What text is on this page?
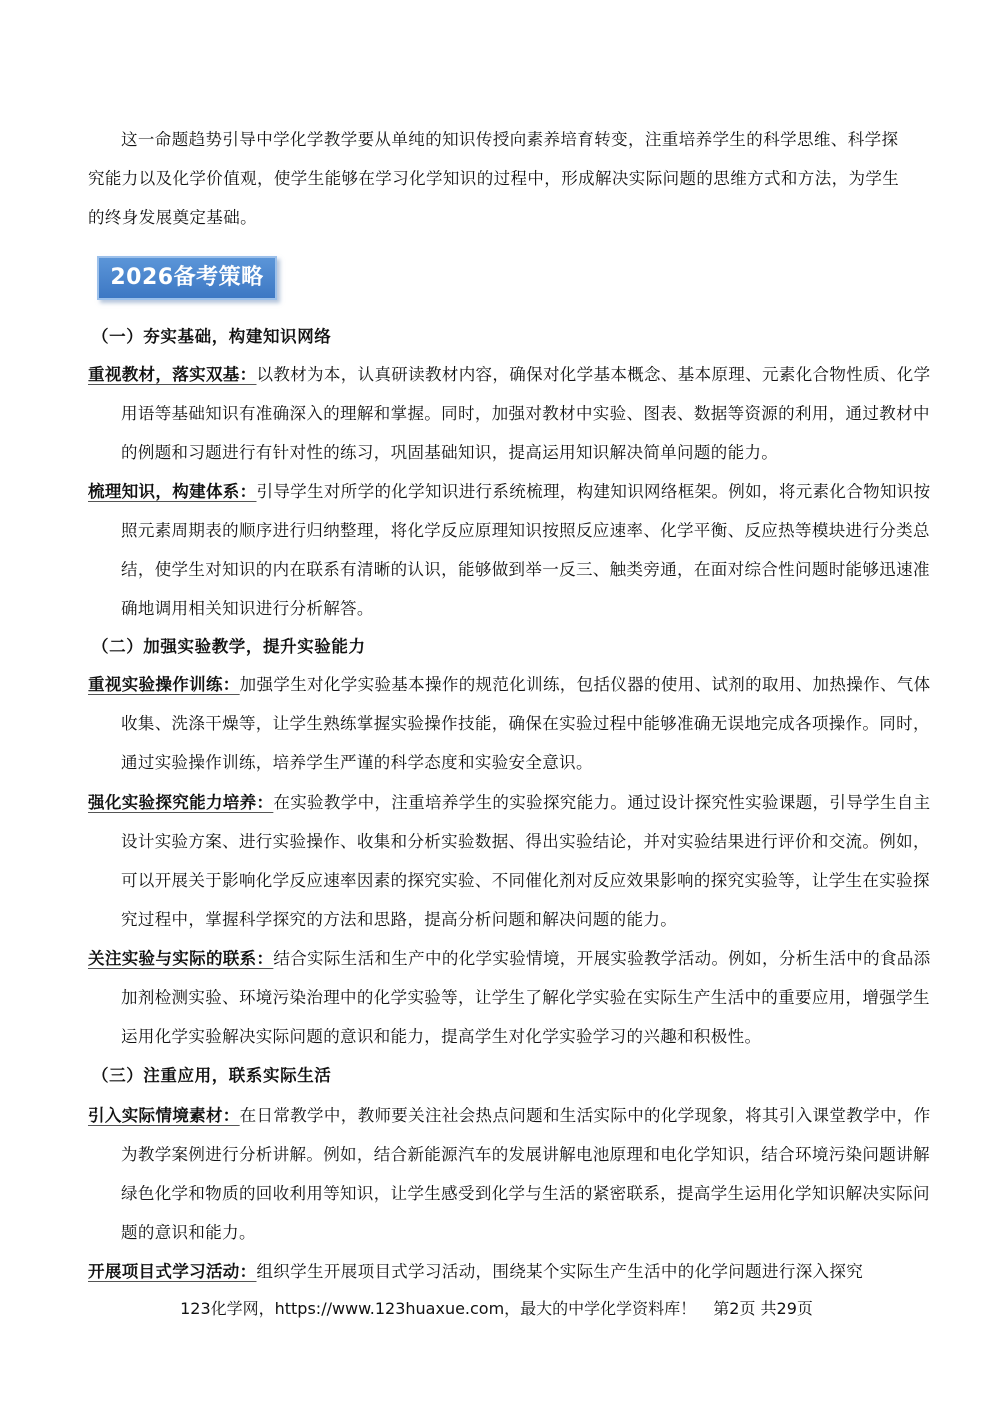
这一命题趋势引导中学化学教学要从单纯的知识传授向素养培育转变，注重培养学生的科学思维、科学探究能力以及化学价值观，使学生能够在学习化学知识的过程中，形成解决实际问题的思维方式和方法，为学生的终身发展奠定基础。

2026备考策略
（一）夯实基础，构建知识网络

重视教材，落实双基：以教材为本，认真研读教材内容，确保对化学基本概念、基本原理、元素化合物性质、化学用语等基础知识有准确深入的理解和掌握。同时，加强对教材中实验、图表、数据等资源的利用，通过教材中的例题和习题进行有针对性的练习，巩固基础知识，提高运用知识解决简单问题的能力。

梳理知识，构建体系：引导学生对所学的化学知识进行系统梳理，构建知识网络框架。例如，将元素化合物知识按照元素周期表的顺序进行归纳整理，将化学反应原理知识按照反应速率、化学平衡、反应热等模块进行分类总结，使学生对知识的内在联系有清晰的认识，能够做到举一反三、触类旁通，在面对综合性问题时能够迅速准确地调用相关知识进行分析解答。

（二）加强实验教学，提升实验能力

重视实验操作训练：加强学生对化学实验基本操作的规范化训练，包括仪器的使用、试剂的取用、加热操作、气体收集、洗涤干燥等，让学生熟练掌握实验操作技能，确保在实验过程中能够准确无误地完成各项操作。同时，通过实验操作训练，培养学生严谨的科学态度和实验安全意识。

强化实验探究能力培养：在实验教学中，注重培养学生的实验探究能力。通过设计探究性实验课题，引导学生自主设计实验方案、进行实验操作、收集和分析实验数据、得出实验结论，并对实验结果进行评价和交流。例如，可以开展关于影响化学反应速率因素的探究实验、不同催化剂对反应效果影响的探究实验等，让学生在实验探究过程中，掌握科学探究的方法和思路，提高分析问题和解决问题的能力。

关注实验与实际的联系：结合实际生活和生产中的化学实验情境，开展实验教学活动。例如，分析生活中的食品添加剂检测实验、环境污染治理中的化学实验等，让学生了解化学实验在实际生产生活中的重要应用，增强学生运用化学实验解决实际问题的意识和能力，提高学生对化学实验学习的兴趣和积极性。

（三）注重应用，联系实际生活

引入实际情境素材：在日常教学中，教师要关注社会热点问题和生活实际中的化学现象，将其引入课堂教学中，作为教学案例进行分析讲解。例如，结合新能源汽车的发展讲解电池原理和电化学知识，结合环境污染问题讲解绿色化学和物质的回收利用等知识，让学生感受到化学与生活的紧密联系，提高学生运用化学知识解决实际问题的意识和能力。

开展项目式学习活动：组织学生开展项目式学习活动，围绕某个实际生产生活中的化学问题进行深入探究

123化学网，https://www.123huaxue.com，最大的中学化学资料库！ 第2页 共29页
